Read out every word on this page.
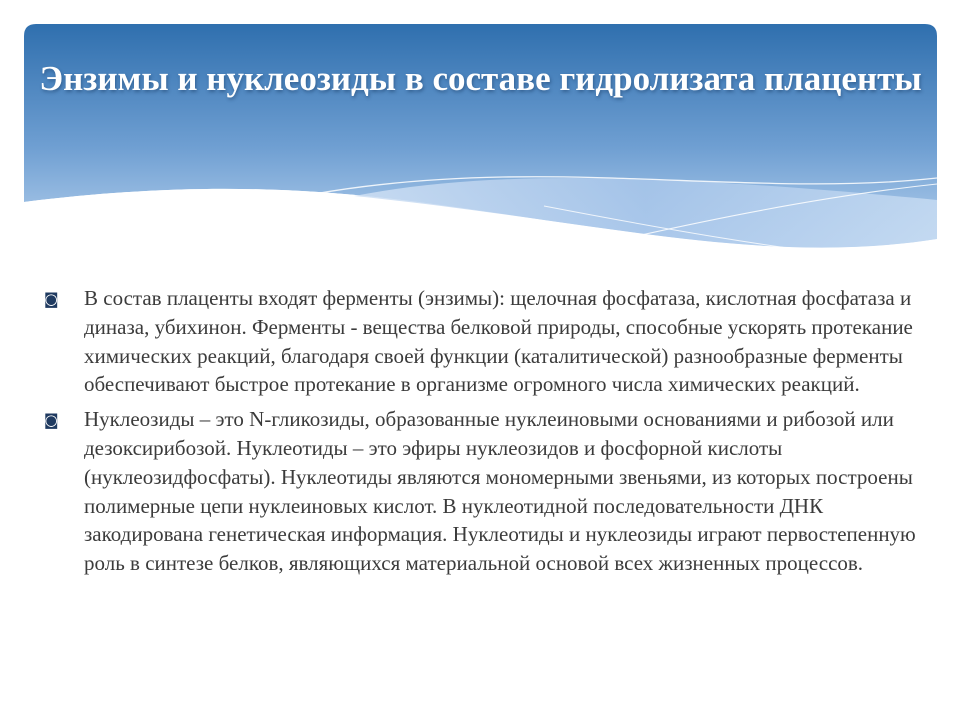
Энзимы и нуклеозиды в составе гидролизата плаценты
◙ В состав плаценты входят ферменты (энзимы): щелочная фосфатаза, кислотная фосфатаза и диназа, убихинон. Ферменты - вещества белковой природы, способные ускорять протекание химических реакций, благодаря своей функции (каталитической) разнообразные ферменты обеспечивают быстрое протекание в организме огромного числа химических реакций.
◙ Нуклеозиды – это N-гликозиды, образованные нуклеиновыми основаниями и рибозой или дезоксирибозой. Нуклеотиды – это эфиры нуклеозидов и фосфорной кислоты (нуклеозидфосфаты). Нуклеотиды являются мономерными звеньями, из которых построены полимерные цепи нуклеиновых кислот. В нуклеотидной последовательности ДНК закодирована генетическая информация. Нуклеотиды и нуклеозиды играют первостепенную роль в синтезе белков, являющихся материальной основой всех жизненных процессов.
